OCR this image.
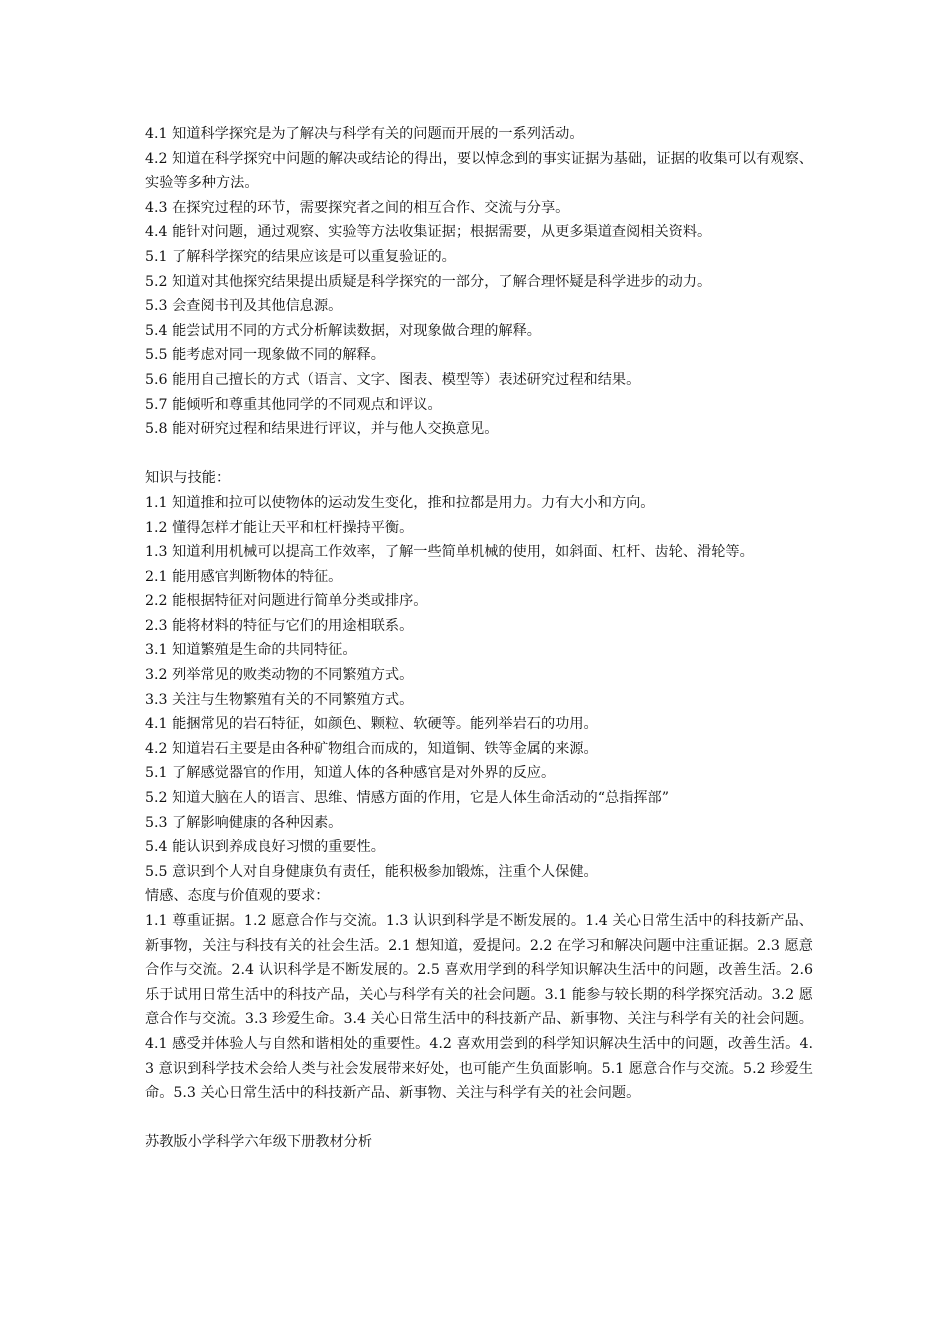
4.1 知道科学探究是为了解决与科学有关的问题而开展的一系列活动。
4.2 知道在科学探究中问题的解决或结论的得出，要以悼念到的事实证据为基础，证据的收集可以有观察、实验等多种方法。
4.3 在探究过程的环节，需要探究者之间的相互合作、交流与分享。
4.4 能针对问题，通过观察、实验等方法收集证据；根据需要，从更多渠道查阅相关资料。
5.1 了解科学探究的结果应该是可以重复验证的。
5.2 知道对其他探究结果提出质疑是科学探究的一部分，了解合理怀疑是科学进步的动力。
5.3 会查阅书刊及其他信息源。
5.4 能尝试用不同的方式分析解读数据，对现象做合理的解释。
5.5 能考虑对同一现象做不同的解释。
5.6 能用自己擅长的方式（语言、文字、图表、模型等）表述研究过程和结果。
5.7 能倾听和尊重其他同学的不同观点和评议。
5.8 能对研究过程和结果进行评议，并与他人交换意见。
知识与技能：
1.1 知道推和拉可以使物体的运动发生变化，推和拉都是用力。力有大小和方向。
1.2 懂得怎样才能让天平和杠杆操持平衡。
1.3 知道利用机械可以提高工作效率，了解一些简单机械的使用，如斜面、杠杆、齿轮、滑轮等。
2.1 能用感官判断物体的特征。
2.2 能根据特征对问题进行简单分类或排序。
2.3 能将材料的特征与它们的用途相联系。
3.1 知道繁殖是生命的共同特征。
3.2 列举常见的败类动物的不同繁殖方式。
3.3 关注与生物繁殖有关的不同繁殖方式。
4.1 能捆常见的岩石特征，如颜色、颗粒、软硬等。能列举岩石的功用。
4.2 知道岩石主要是由各种矿物组合而成的，知道铜、铁等金属的来源。
5.1 了解感觉器官的作用，知道人体的各种感官是对外界的反应。
5.2 知道大脑在人的语言、思维、情感方面的作用，它是人体生命活动的“总指挥部”
5.3 了解影响健康的各种因素。
5.4 能认识到养成良好习惯的重要性。
5.5 意识到个人对自身健康负有责任，能积极参加锻炼，注重个人保健。
情感、态度与价值观的要求：
1.1 尊重证据。1.2 愿意合作与交流。1.3 认识到科学是不断发展的。1.4 关心日常生活中的科技新产品、新事物，关注与科技有关的社会生活。2.1 想知道，爱提问。2.2 在学习和解决问题中注重证据。2.3 愿意合作与交流。2.4 认识科学是不断发展的。2.5 喜欢用学到的科学知识解决生活中的问题，改善生活。2.6 乐于试用日常生活中的科技产品，关心与科学有关的社会问题。3.1 能参与较长期的科学探究活动。3.2 愿意合作与交流。3.3 珍爱生命。3.4 关心日常生活中的科技新产品、新事物、关注与科学有关的社会问题。4.1 感受并体验人与自然和谐相处的重要性。4.2 喜欢用尝到的科学知识解决生活中的问题，改善生活。4.3 意识到科学技术会给人类与社会发展带来好处，也可能产生负面影响。5.1 愿意合作与交流。5.2 珍爱生命。5.3 关心日常生活中的科技新产品、新事物、关注与科学有关的社会问题。
苏教版小学科学六年级下册教材分析
